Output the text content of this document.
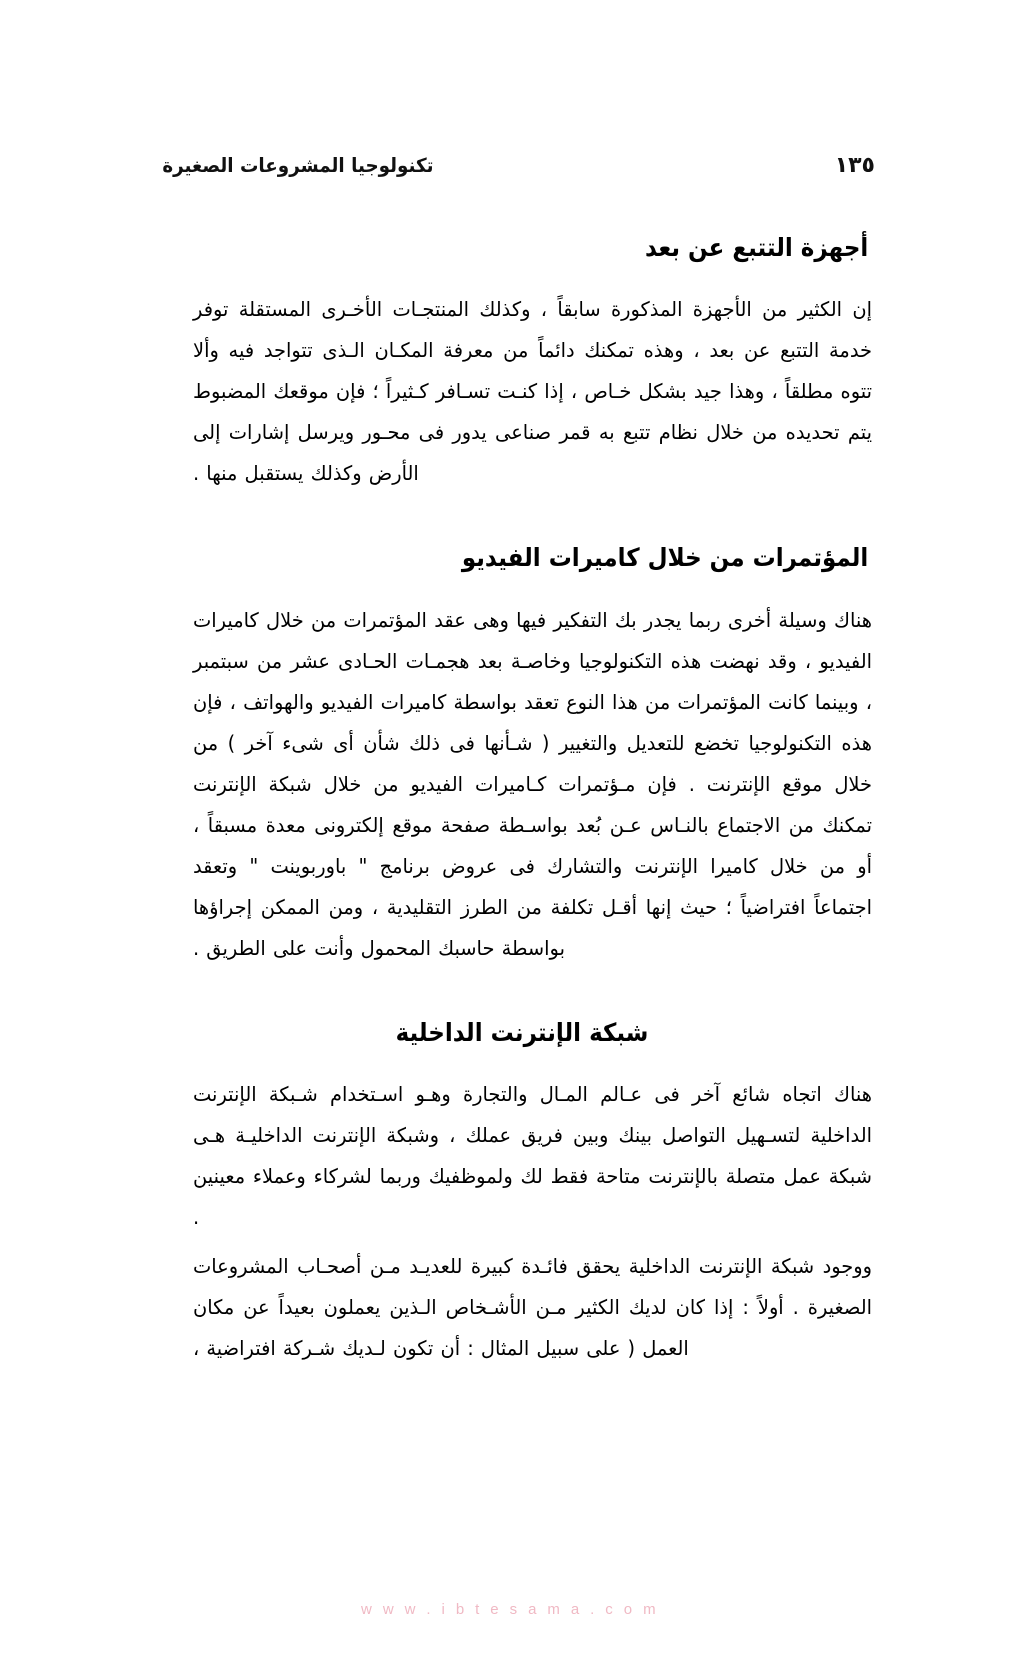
تكنولوجيا المشروعات الصغيرة	١٣٥
أجهزة التتبع عن بعد

إن الكثير من الأجهزة المذكورة سابقاً ، وكذلك المنتجـات الأخـرى المستقلة توفر خدمة التتبع عن بعد ، وهذه تمكنك دائماً من معرفة المكـان الـذى تتواجد فيه وألا تتوه مطلقاً ، وهذا جيد بشكل خـاص ، إذا كنـت تسـافر كـثيراً ؛ فإن موقعك المضبوط يتم تحديده من خلال نظام تتبع به قمر صناعى يدور فى محـور ويرسل إشارات إلى الأرض وكذلك يستقبل منها .

المؤتمرات من خلال كاميرات الفيديو

هناك وسيلة أخرى ربما يجدر بك التفكير فيها وهى عقد المؤتمرات من خلال كاميرات الفيديو ، وقد نهضت هذه التكنولوجيا وخاصـة بعد هجمـات الحـادى عشر من سبتمبر ، وبينما كانت المؤتمرات من هذا النوع تعقد بواسطة كاميرات الفيديو والهواتف ، فإن هذه التكنولوجيا تخضع للتعديل والتغيير ( شـأنها فى ذلك شأن أى شىء آخر ) من خلال موقع الإنترنت . فإن مـؤتمرات كـاميرات الفيديو من خلال شبكة الإنترنت تمكنك من الاجتماع بالنـاس عـن بُعد بواسـطة صفحة موقع إلكترونى معدة مسبقاً ، أو من خلال كاميرا الإنترنت والتشارك فى عروض برنامج " باوربوينت " وتعقد اجتماعاً افتراضياً ؛ حيث إنها أقـل تكلفة من الطرز التقليدية ، ومن الممكن إجراؤها بواسطة حاسبك المحمول وأنت على الطريق .

شبكة الإنترنت الداخلية

هناك اتجاه شائع آخر فى عـالم المـال والتجارة وهـو اسـتخدام شـبكة الإنترنت الداخلية لتسـهيل التواصل بينك وبين فريق عملك ، وشبكة الإنترنت الداخليـة هـى شبكة عمل متصلة بالإنترنت متاحة فقط لك ولموظفيك وربما لشركاء وعملاء معينين .

ووجود شبكة الإنترنت الداخلية يحقق فائـدة كبيرة للعديـد مـن أصحـاب المشروعات الصغيرة . أولاً : إذا كان لديك الكثير مـن الأشـخاص الـذين يعملون بعيداً عن مكان العمل ( على سبيل المثال : أن تكون لـديك شـركة افتراضية ،

w w w . i b t e s a m a . c o m
